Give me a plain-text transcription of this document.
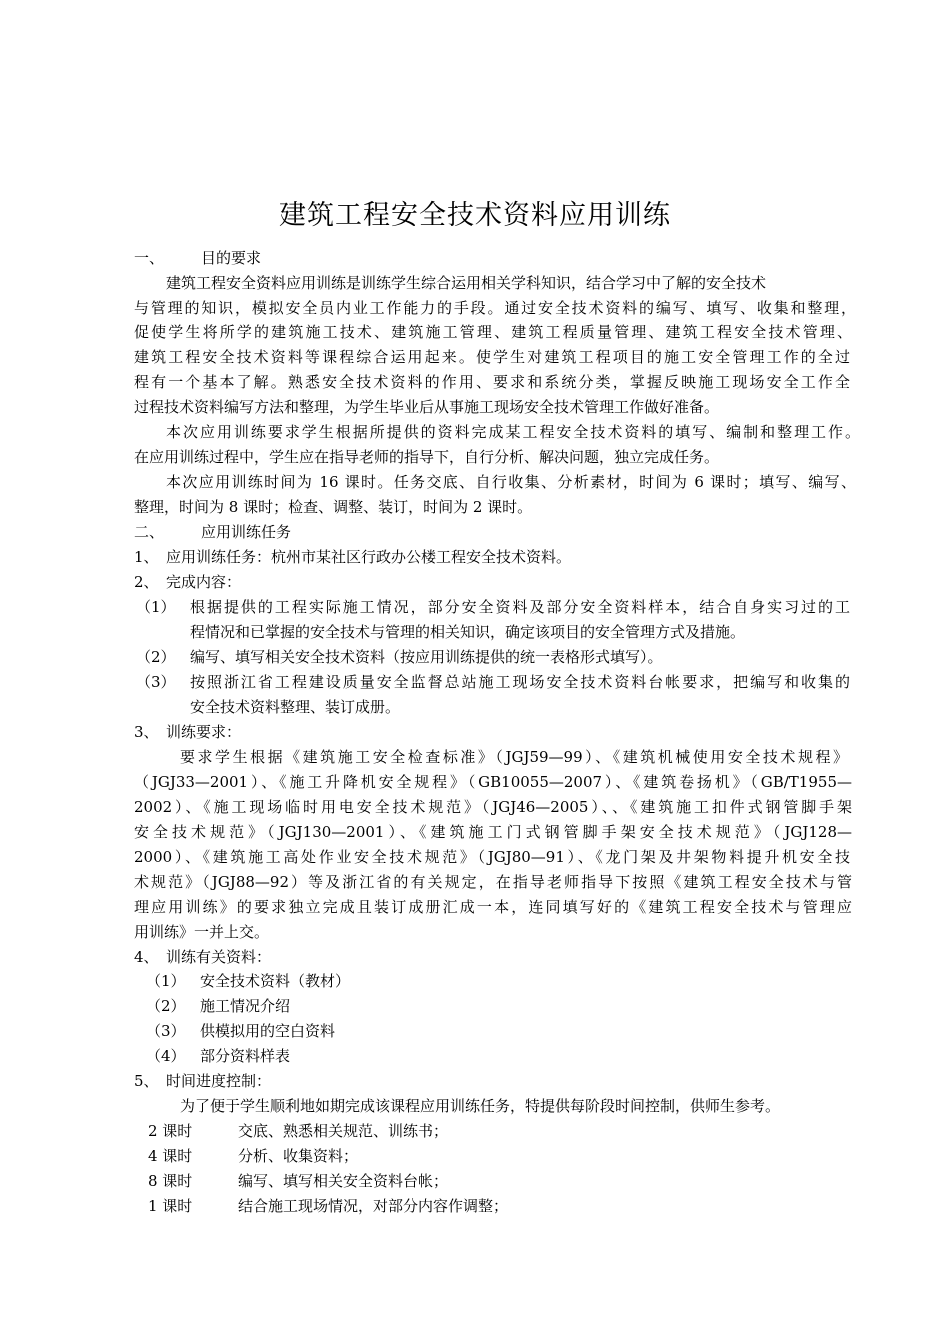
建筑工程安全技术资料应用训练
一、 目的要求
建筑工程安全资料应用训练是训练学生综合运用相关学科知识，结合学习中了解的安全技术
与管理的知识，模拟安全员内业工作能力的手段。通过安全技术资料的编写、填写、收集和整理，
促使学生将所学的建筑施工技术、建筑施工管理、建筑工程质量管理、建筑工程安全技术管理、
建筑工程安全技术资料等课程综合运用起来。使学生对建筑工程项目的施工安全管理工作的全过
程有一个基本了解。熟悉安全技术资料的作用、要求和系统分类，掌握反映施工现场安全工作全
过程技术资料编写方法和整理，为学生毕业后从事施工现场安全技术管理工作做好准备。
本次应用训练要求学生根据所提供的资料完成某工程安全技术资料的填写、编制和整理工作。
在应用训练过程中，学生应在指导老师的指导下，自行分析、解决问题，独立完成任务。
本次应用训练时间为 16 课时。任务交底、自行收集、分析素材，时间为 6 课时；填写、编写、
整理，时间为 8 课时；检查、调整、装订，时间为 2 课时。
二、 应用训练任务
1、 应用训练任务：杭州市某社区行政办公楼工程安全技术资料。
2、 完成内容：
（1） 根据提供的工程实际施工情况，部分安全资料及部分安全资料样本，结合自身实习过的工
程情况和已掌握的安全技术与管理的相关知识，确定该项目的安全管理方式及措施。
（2） 编写、填写相关安全技术资料（按应用训练提供的统一表格形式填写）。
（3） 按照浙江省工程建设质量安全监督总站施工现场安全技术资料台帐要求，把编写和收集的
安全技术资料整理、装订成册。
3、 训练要求：
要求学生根据《建筑施工安全检查标准》（JGJ59—99）、《建筑机械使用安全技术规程》
（JGJ33—2001）、《施工升降机安全规程》（GB10055—2007）、《建筑卷扬机》（GB/T1955—
2002）、《施工现场临时用电安全技术规范》（JGJ46—2005）、、《建筑施工扣件式钢管脚手架
安全技术规范》（JGJ130—2001）、《建筑施工门式钢管脚手架安全技术规范》（JGJ128—
2000）、《建筑施工高处作业安全技术规范》（JGJ80—91）、《龙门架及井架物料提升机安全技
术规范》（JGJ88—92）等及浙江省的有关规定，在指导老师指导下按照《建筑工程安全技术与管
理应用训练》的要求独立完成且装订成册汇成一本，连同填写好的《建筑工程安全技术与管理应
用训练》一并上交。
4、 训练有关资料：
（1） 安全技术资料（教材）
（2） 施工情况介绍
（3） 供模拟用的空白资料
（4） 部分资料样表
5、 时间进度控制：
为了便于学生顺利地如期完成该课程应用训练任务，特提供每阶段时间控制，供师生参考。
2 课时	交底、熟悉相关规范、训练书；
4 课时	分析、收集资料；
8 课时	编写、填写相关安全资料台帐；
1 课时	结合施工现场情况，对部分内容作调整；
